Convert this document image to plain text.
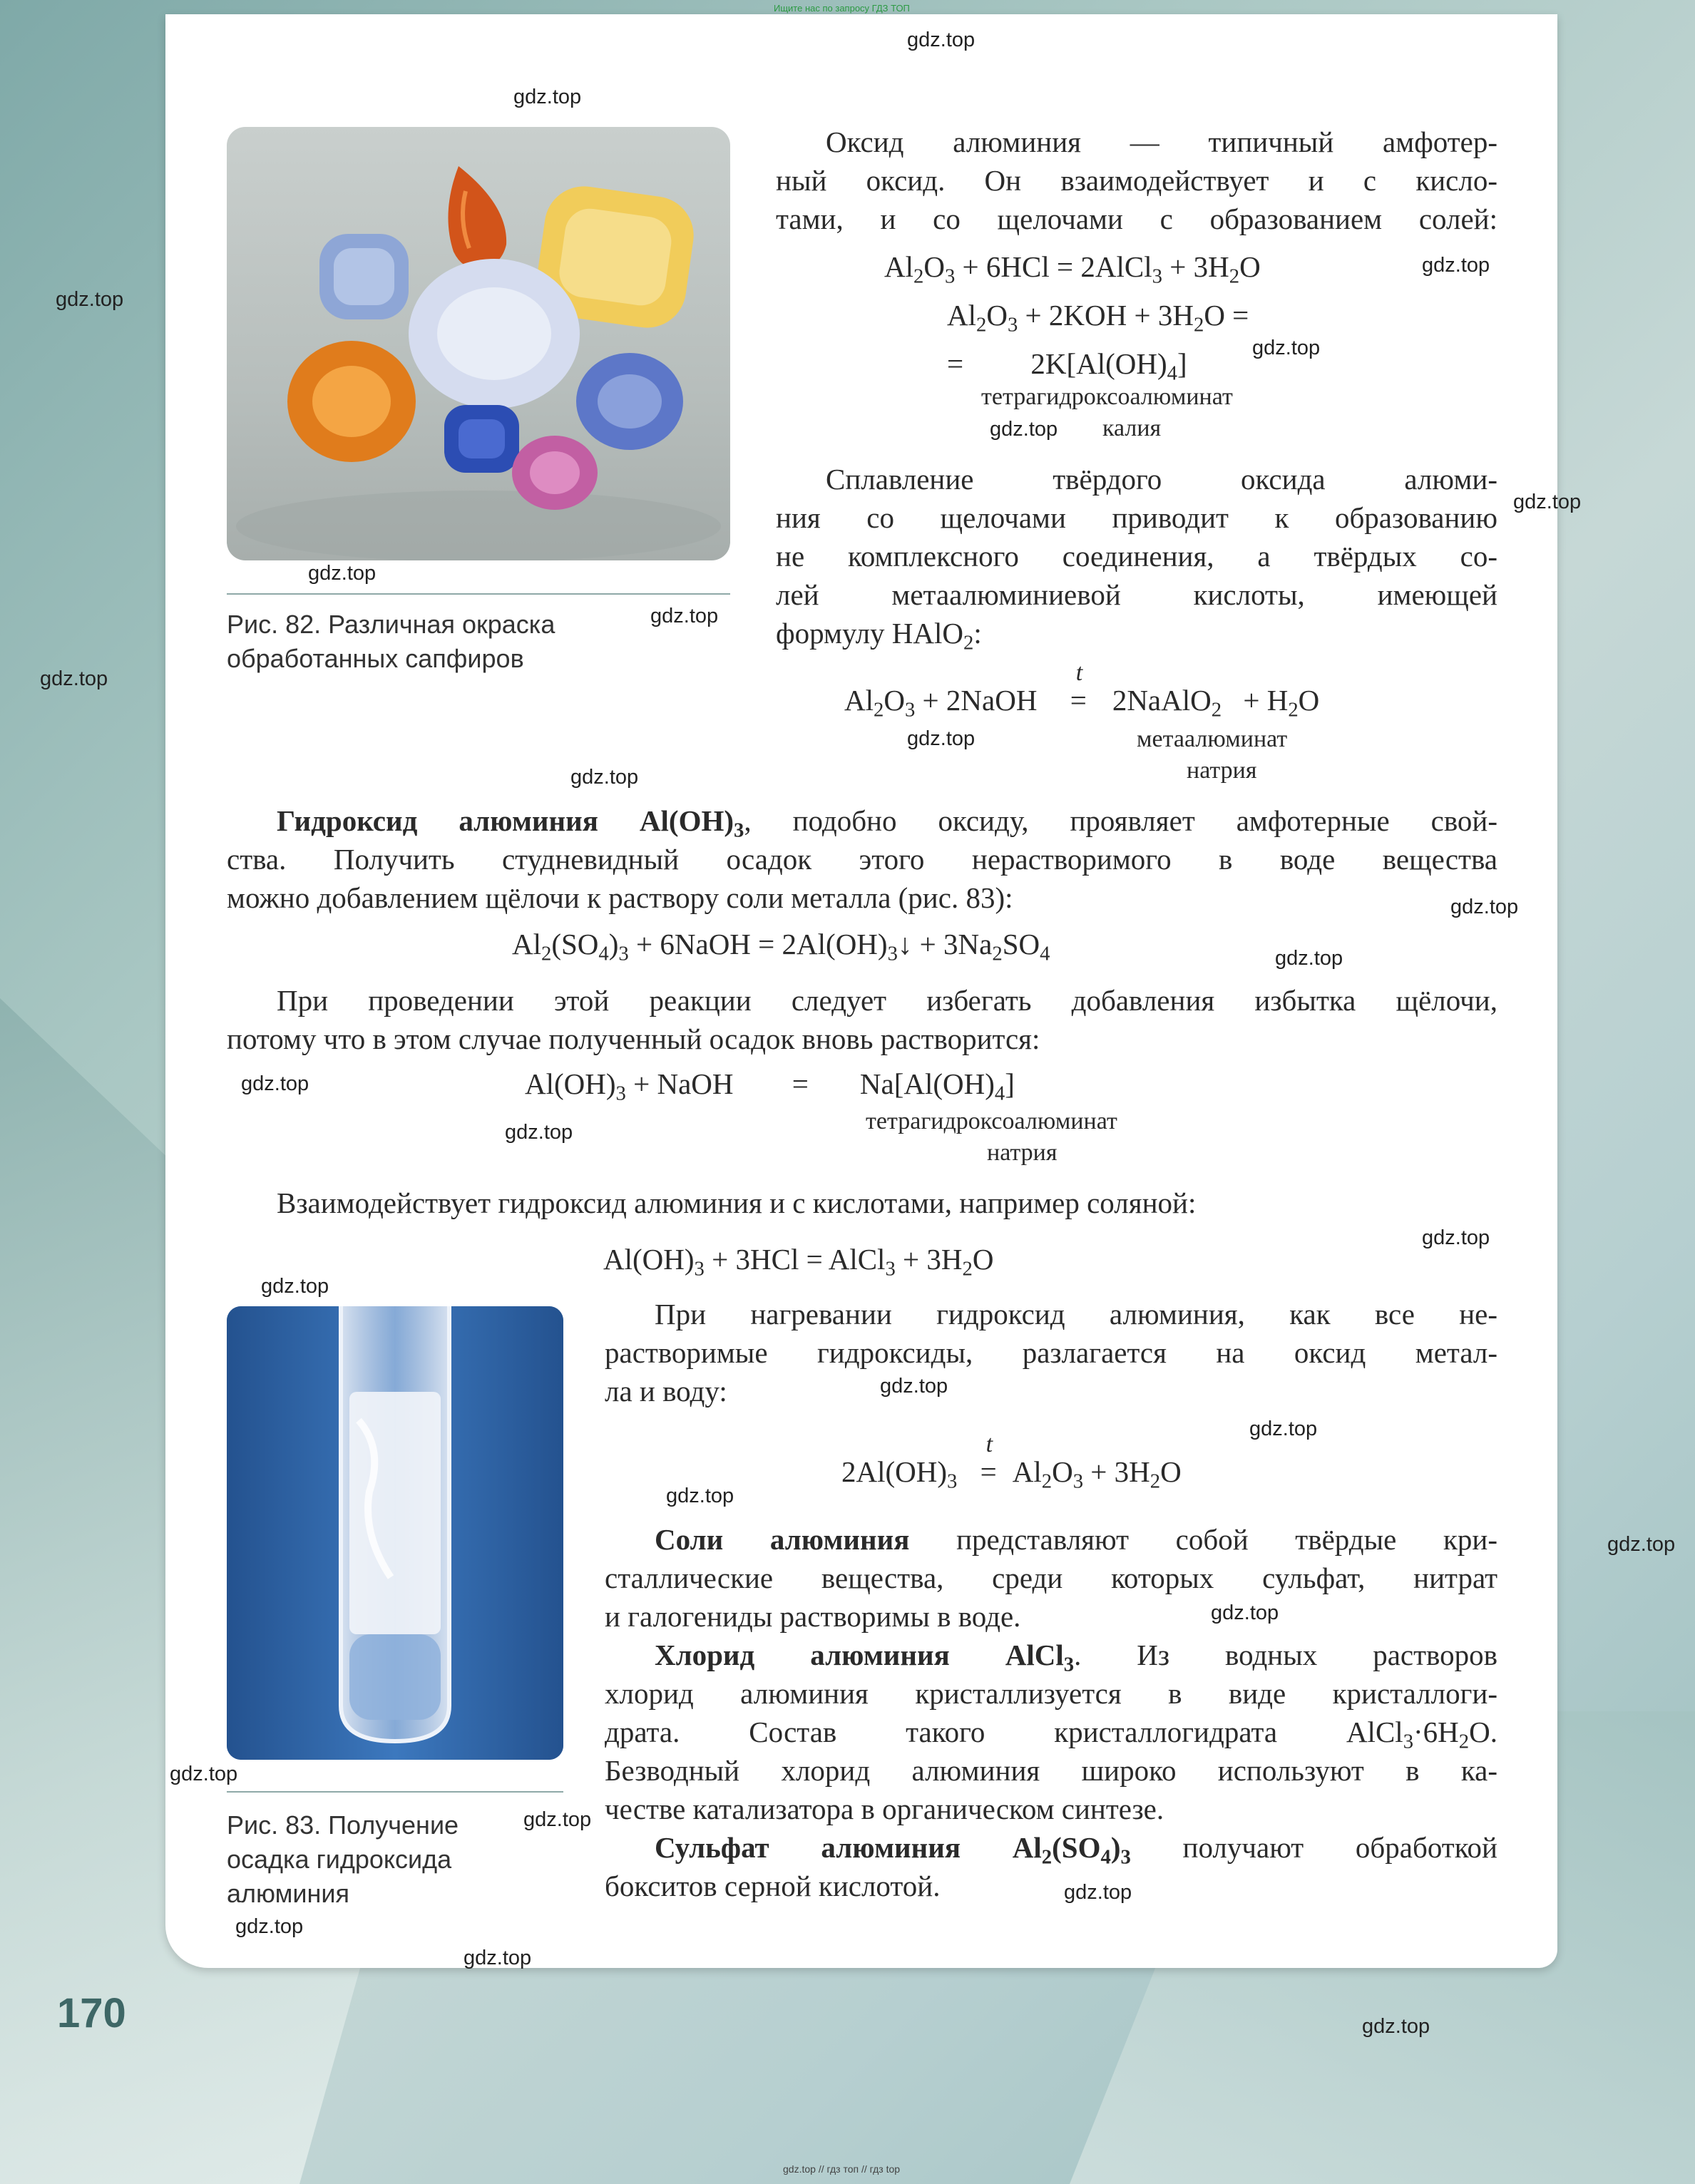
Ищите нас по запросу ГДЗ ТОП
Рис. 82. Различная окраска
обработанных сапфиров
Оксид алюминия — типичный амфотер-
ный оксид. Он взаимодействует и с кисло-
тами, и со щелочами с образованием солей:
$Al_2O_3 + 6HCl$ = 2AlCl$_3$ + $3H_2O$
$Al_2O_3 + 2KOH + 3H_2O$ =
= $2K[Al(OH)_4]$
тетрагидроксоалюминат
калия
Сплавление твёрдого оксида алюми-
ния со щелочами приводит к образованию
не комплексного соединения, а твёрдых со-
лей метаалюминиевой кислоты, имеющей
формулу HAlO$_2$:
$Al_2O_3$ + 2NaOH
t
= 2NaAlO$_2$ + $H_2O$
метаалюминат
натрия
Гидроксид алюминия $Al(OH)_3$, подобно оксиду, проявляет амфотерные свой-
ства. Получить студневидный осадок этого нерастворимого в воде вещества
можно добавлением щёлочи к раствору соли металла (рис. 83):
$Al_2(SO_4)_3$ + 6NaOH = $2Al(OH)_3↓ + 3Na_2SO_4$
При проведении этой реакции следует избегать добавления избытка щёлочи,
потому что в этом случае полученный осадок вновь растворится:
$Al(OH)_3$ + NaOH = $Na[Al(OH)_4]$
тетрагидроксоалюминат
натрия
Взаимодействует гидроксид алюминия и с кислотами, например соляной:
$Al(OH)_3 + 3HCl$ = AlCl$_3$ + $3H_2O$
Рис. 83. Получение
осадка гидроксида
алюминия
При нагревании гидроксид алюминия, как все не-
растворимые гидроксиды, разлагается на оксид метал-
ла и воду:
$2Al(OH)_3$
t
= $Al_2O_3 + 3H_2O$
Соли алюминия представляют собой твёрдые кри-
сталлические вещества, среди которых сульфат, нитрат
и галогениды растворимы в воде.
Хлорид алюминия AlCl$_3$. Из водных растворов
хлорид алюминия кристаллизуется в виде кристаллоги-
драта. Состав такого кристаллогидрата $AlCl_3\cdot 6H_2O$.
Безводный хлорид алюминия широко используют в ка-
честве катализатора в органическом синтезе.
Сульфат алюминия $Al_2(SO_4)_3$ получают обработкой
бокситов серной кислотой.
170
gdz.top
gdz.top
gdz.top
gdz.top
gdz.top
gdz.top
gdz.top
gdz.top
gdz.top
gdz.top
gdz.top
gdz.top
gdz.top
gdz.top
gdz.top
gdz.top
gdz.top
gdz.top
gdz.top
gdz.top
gdz.top
gdz.top
gdz.top
gdz.top
gdz.top
gdz.top
gdz.top
gdz.top
gdz.top
gdz.top // гдз топ // гдз top
